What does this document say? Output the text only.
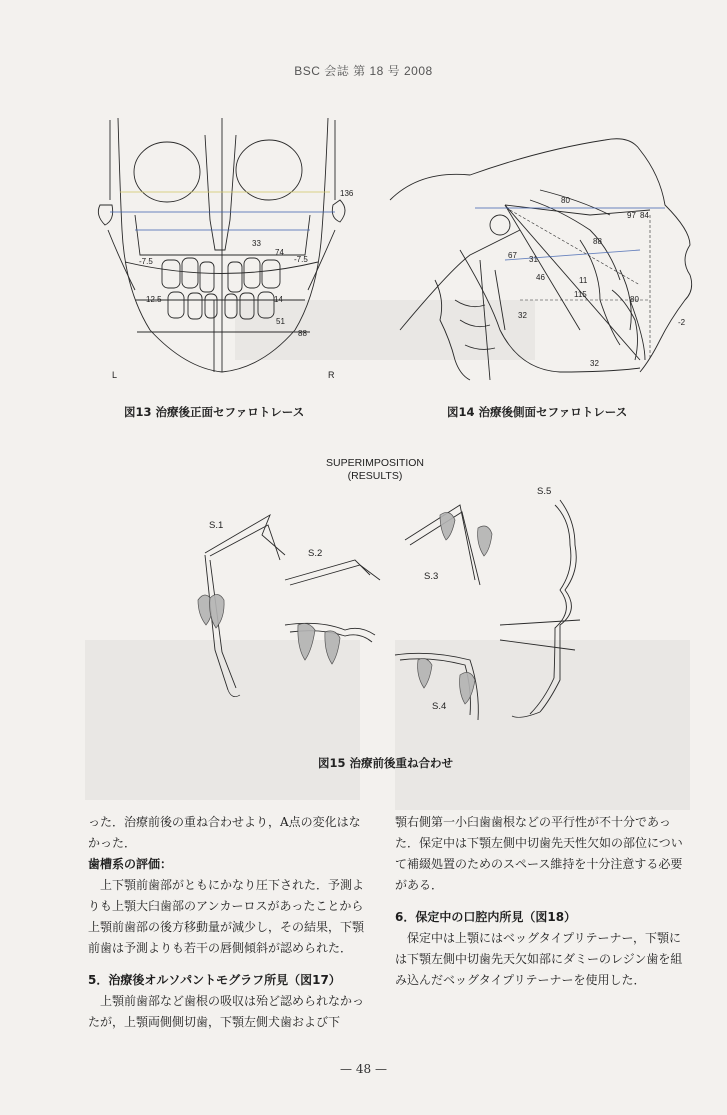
BSC 会誌 第 18 号 2008
136
33
74
-7.5	-7.5
12.5	14
51
88
L	R
80
97 84
88
67 31
46	11
115
80
32
32
-2
図13 治療後正面セファロトレース	図14 治療後側面セファロトレース
SUPERIMPOSITION
(RESULTS)
S.1
S.2
S.3
S.4
S.5
図15 治療前後重ね合わせ

った．治療前後の重ね合わせより，A点の変化はなかった．

歯槽系の評価：

上下顎前歯部がともにかなり圧下された．予測よりも上顎大臼歯部のアンカーロスがあったことから上顎前歯部の後方移動量が減少し，その結果，下顎前歯は予測よりも若干の唇側傾斜が認められた．

5．治療後オルソパントモグラフ所見（図17）

上顎前歯部など歯根の吸収は殆ど認められなかったが，上顎両側側切歯，下顎左側犬歯および下

顎右側第一小臼歯歯根などの平行性が不十分であった．保定中は下顎左側中切歯先天性欠如の部位について補綴処置のためのスペース維持を十分注意する必要がある．

6．保定中の口腔内所見（図18）

保定中は上顎にはベッグタイプリテーナー，下顎には下顎左側中切歯先天欠如部にダミーのレジン歯を組み込んだベッグタイプリテーナーを使用した．

— 48 —
